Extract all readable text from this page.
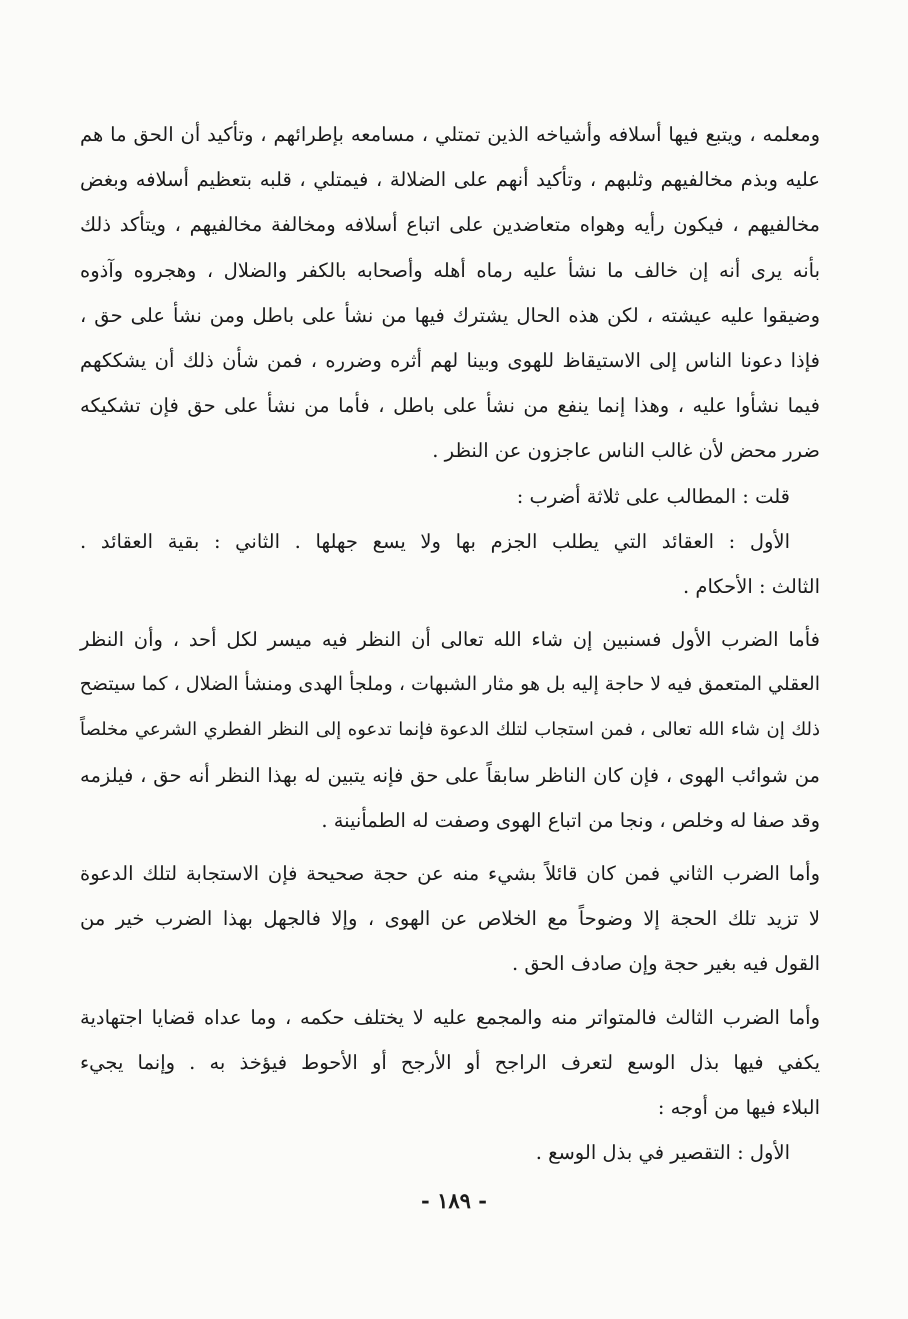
ومعلمه ، ويتبع فيها أسلافه وأشياخه الذين تمتلي ، مسامعه بإطرائهم ، وتأكيد أن الحق ما هم
عليه وبذم مخالفيهم وثلبهم ، وتأكيد أنهم على الضلالة ، فيمتلي ، قلبه بتعظيم أسلافه وبغض
مخالفيهم ، فيكون رأيه وهواه متعاضدين على اتباع أسلافه ومخالفة مخالفيهم ، ويتأكد ذلك
بأنه يرى أنه إن خالف ما نشأ عليه رماه أهله وأصحابه بالكفر والضلال ، وهجروه وآذوه
وضيقوا عليه عيشته ، لكن هذه الحال يشترك فيها من نشأ على باطل ومن نشأ على حق ،
فإذا دعونا الناس إلى الاستيقاظ للهوى وبينا لهم أثره وضرره ، فمن شأن ذلك أن يشككهم
فيما نشأوا عليه ، وهذا إنما ينفع من نشأ على باطل ، فأما من نشأ على حق فإن تشكيكه
ضرر محض لأن غالب الناس عاجزون عن النظر .
قلت : المطالب على ثلاثة أضرب :
الأول : العقائد التي يطلب الجزم بها ولا يسع جهلها . الثاني : بقية العقائد .
الثالث : الأحكام .
فأما الضرب الأول فسنبين إن شاء الله تعالى أن النظر فيه ميسر لكل أحد ، وأن النظر
العقلي المتعمق فيه لا حاجة إليه بل هو مثار الشبهات ، وملجأ الهدى ومنشأ الضلال ، كما سيتضح
ذلك إن شاء الله تعالى ، فمن استجاب لتلك الدعوة فإنما تدعوه إلى النظر الفطري الشرعي مخلصاً
من شوائب الهوى ، فإن كان الناظر سابقاً على حق فإنه يتبين له بهذا النظر أنه حق ، فيلزمه
وقد صفا له وخلص ، ونجا من اتباع الهوى وصفت له الطمأنينة .
وأما الضرب الثاني فمن كان قائلاً بشيء منه عن حجة صحيحة فإن الاستجابة لتلك الدعوة
لا تزيد تلك الحجة إلا وضوحاً مع الخلاص عن الهوى ، وإلا فالجهل بهذا الضرب خير من
القول فيه بغير حجة وإن صادف الحق .
وأما الضرب الثالث فالمتواتر منه والمجمع عليه لا يختلف حكمه ، وما عداه قضايا اجتهادية
يكفي فيها بذل الوسع لتعرف الراجح أو الأرجح أو الأحوط فيؤخذ به . وإنما يجيء
البلاء فيها من أوجه :
الأول : التقصير في بذل الوسع .
- ١٨٩ -
